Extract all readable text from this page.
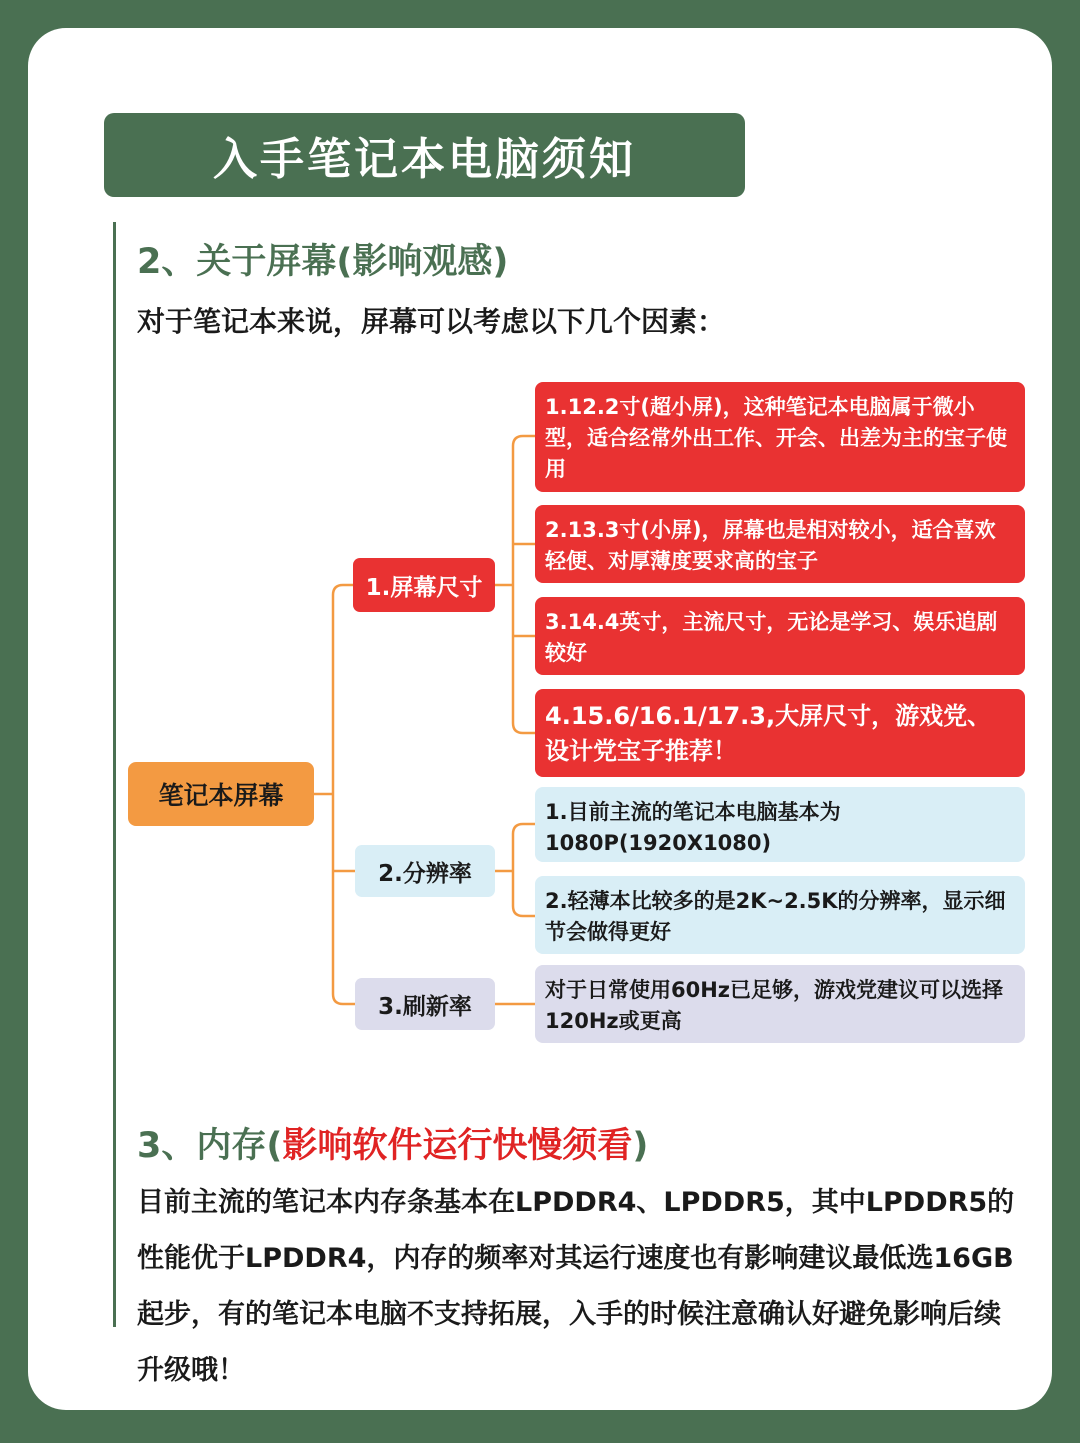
入手笔记本电脑须知
2、关于屏幕(影响观感)
对于笔记本来说，屏幕可以考虑以下几个因素：
笔记本屏幕
1.屏幕尺寸
2.分辨率
3.刷新率
1.12.2寸(超小屏)，这种笔记本电脑属于微小型，适合经常外出工作、开会、出差为主的宝子使用
2.13.3寸(小屏)，屏幕也是相对较小，适合喜欢轻便、对厚薄度要求高的宝子
3.14.4英寸，主流尺寸，无论是学习、娱乐追剧较好
4.15.6/16.1/17.3,大屏尺寸，游戏党、设计党宝子推荐！
1.目前主流的笔记本电脑基本为1080P(1920X1080)
2.轻薄本比较多的是2K~2.5K的分辨率，显示细节会做得更好
对于日常使用60Hz已足够，游戏党建议可以选择120Hz或更高
3、内存(影响软件运行快慢须看)
目前主流的笔记本内存条基本在LPDDR4、LPDDR5，其中LPDDR5的性能优于LPDDR4，内存的频率对其运行速度也有影响建议最低选16GB起步，有的笔记本电脑不支持拓展，入手的时候注意确认好避免影响后续升级哦！
